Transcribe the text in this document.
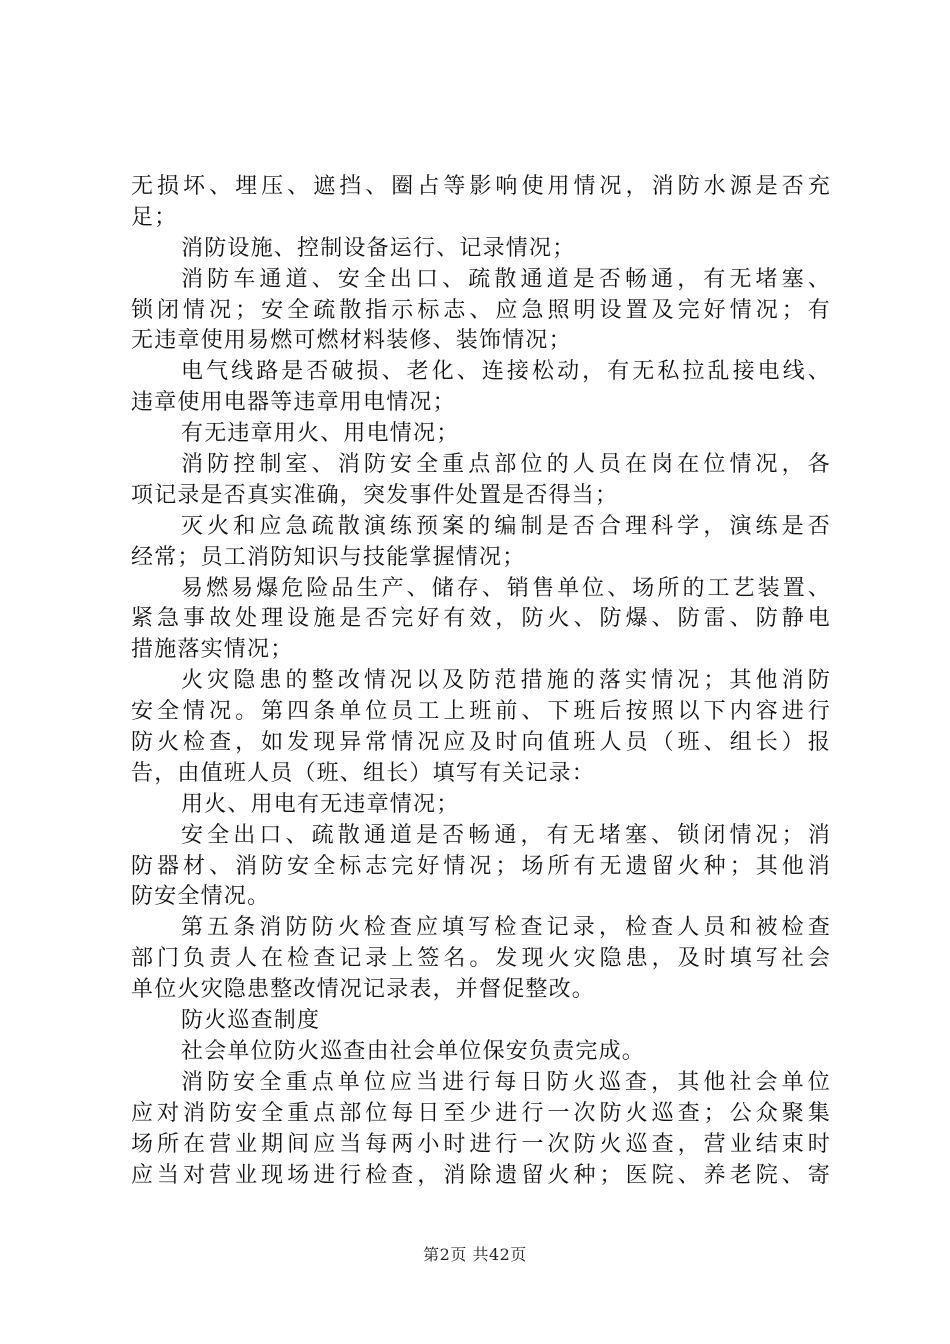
无损坏、埋压、遮挡、圈占等影响使用情况，消防水源是否充
足；
消防设施、控制设备运行、记录情况；
消防车通道、安全出口、疏散通道是否畅通，有无堵塞、
锁闭情况；安全疏散指示标志、应急照明设置及完好情况；有
无违章使用易燃可燃材料装修、装饰情况；
电气线路是否破损、老化、连接松动，有无私拉乱接电线、
违章使用电器等违章用电情况；
有无违章用火、用电情况；
消防控制室、消防安全重点部位的人员在岗在位情况，各
项记录是否真实准确，突发事件处置是否得当；
灭火和应急疏散演练预案的编制是否合理科学，演练是否
经常；员工消防知识与技能掌握情况；
易燃易爆危险品生产、储存、销售单位、场所的工艺装置、
紧急事故处理设施是否完好有效，防火、防爆、防雷、防静电
措施落实情况；
火灾隐患的整改情况以及防范措施的落实情况；其他消防
安全情况。第四条单位员工上班前、下班后按照以下内容进行
防火检查，如发现异常情况应及时向值班人员（班、组长）报
告，由值班人员（班、组长）填写有关记录：
用火、用电有无违章情况；
安全出口、疏散通道是否畅通，有无堵塞、锁闭情况；消
防器材、消防安全标志完好情况；场所有无遗留火种；其他消
防安全情况。
第五条消防防火检查应填写检查记录，检查人员和被检查
部门负责人在检查记录上签名。发现火灾隐患，及时填写社会
单位火灾隐患整改情况记录表，并督促整改。
防火巡查制度
社会单位防火巡查由社会单位保安负责完成。
消防安全重点单位应当进行每日防火巡查，其他社会单位
应对消防安全重点部位每日至少进行一次防火巡查；公众聚集
场所在营业期间应当每两小时进行一次防火巡查，营业结束时
应当对营业现场进行检查，消除遗留火种；医院、养老院、寄
第2页 共42页
